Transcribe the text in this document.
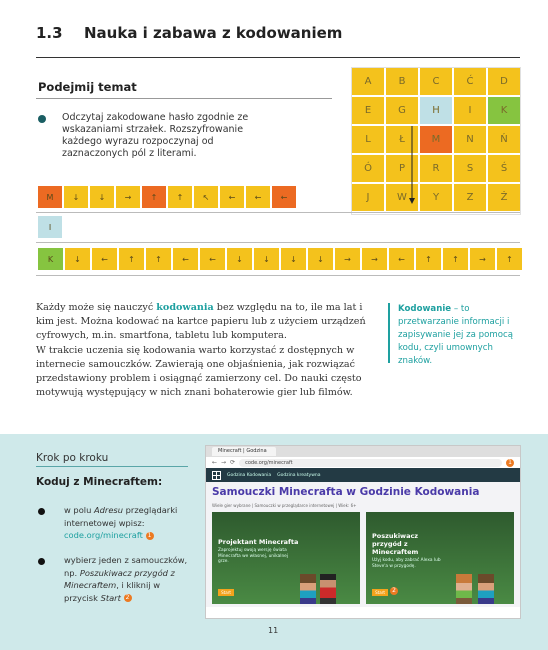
1.3 Nauka i zabawa z kodowaniem
Podejmij temat
Odczytaj zakodowane hasło zgodnie ze wskazaniami strzałek. Rozszyfrowanie każdego wyrazu rozpoczynaj od zaznaczonych pól z literami.
A	B	C	Ć	D
E	G	H	I	K
L	Ł	M	N	Ń
Ó	P	R	S	Ś
J	W	Y	Z	Ż
M	↓	↓	→	↑	↑	↖	←	←	←
I
K	↓	←	↑	↑	←	←	↓	↓	↓	↓	→	→	←	↑	↑	→	↑
Każdy może się nauczyć kodowania bez względu na to, ile ma lat i kim jest. Można kodować na kartce papieru lub z użyciem urządzeń cyfrowych, m.in. smartfona, tabletu lub komputera.
W trakcie uczenia się kodowania warto korzystać z dostępnych w internecie samouczków. Zawierają one objaśnienia, jak rozwiązać przedstawiony problem i osiągnąć zamierzony cel. Do nauki często motywują występujący w nich znani bohaterowie gier lub filmów.
Kodowanie – to przetwarzanie informacji i zapisywanie jej za pomocą kodu, czyli umownych znaków.
Krok po kroku
Koduj z Minecraftem:
w polu Adresu przeglądarki internetowej wpisz:
code.org/minecraft 1
wybierz jeden z samouczków, np. Poszukiwacz przygód z Minecraftem, i kliknij w przycisk Start 2
Minecraft | Godzina
← → ⟳	code.org/minecraft	1
Godzina Kodowania Godzina kreatywna
Samouczki Minecrafta w Godzinie Kodowania
Wiele gier wybrane | Samouczki w przeglądarce internetowej | Wiek: 6+
Projektant Minecrafta
Zaprojektuj swoją wersję świata Minecrafta we własnej, unikalnej grze.
Start
Poszukiwacz przygód z Minecraftem
Użyj kodu, aby zabrać Alexa lub Steve'a w przygodę.
Start	2
11
